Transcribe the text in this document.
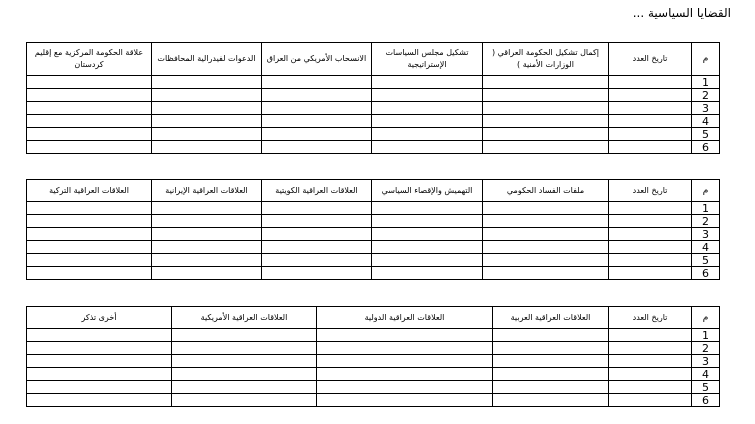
القضايا السياسية ...
م	تاريخ العدد	إكمال تشكيل الحكومة العراقي ( الوزارات الأمنية )	تشكيل مجلس السياسات الإستراتيجية	الانسحاب الأمريكي من العراق	الدعوات لفيدرالية المحافظات	علاقة الحكومة المركزية مع إقليم كردستان
1						
2						
3						
4						
5						
6						
م	تاريخ العدد	ملفات الفساد الحكومي	التهميش والإقصاء السياسي	العلاقات العراقية الكويتية	العلاقات العراقية الإيرانية	العلاقات العراقية التركية
1						
2						
3						
4						
5						
6						
م	تاريخ العدد	العلاقات العراقية العربية	العلاقات العراقية الدولية	العلاقات العراقية الأمريكية	أخرى تذكر
1					
2					
3					
4					
5					
6					
